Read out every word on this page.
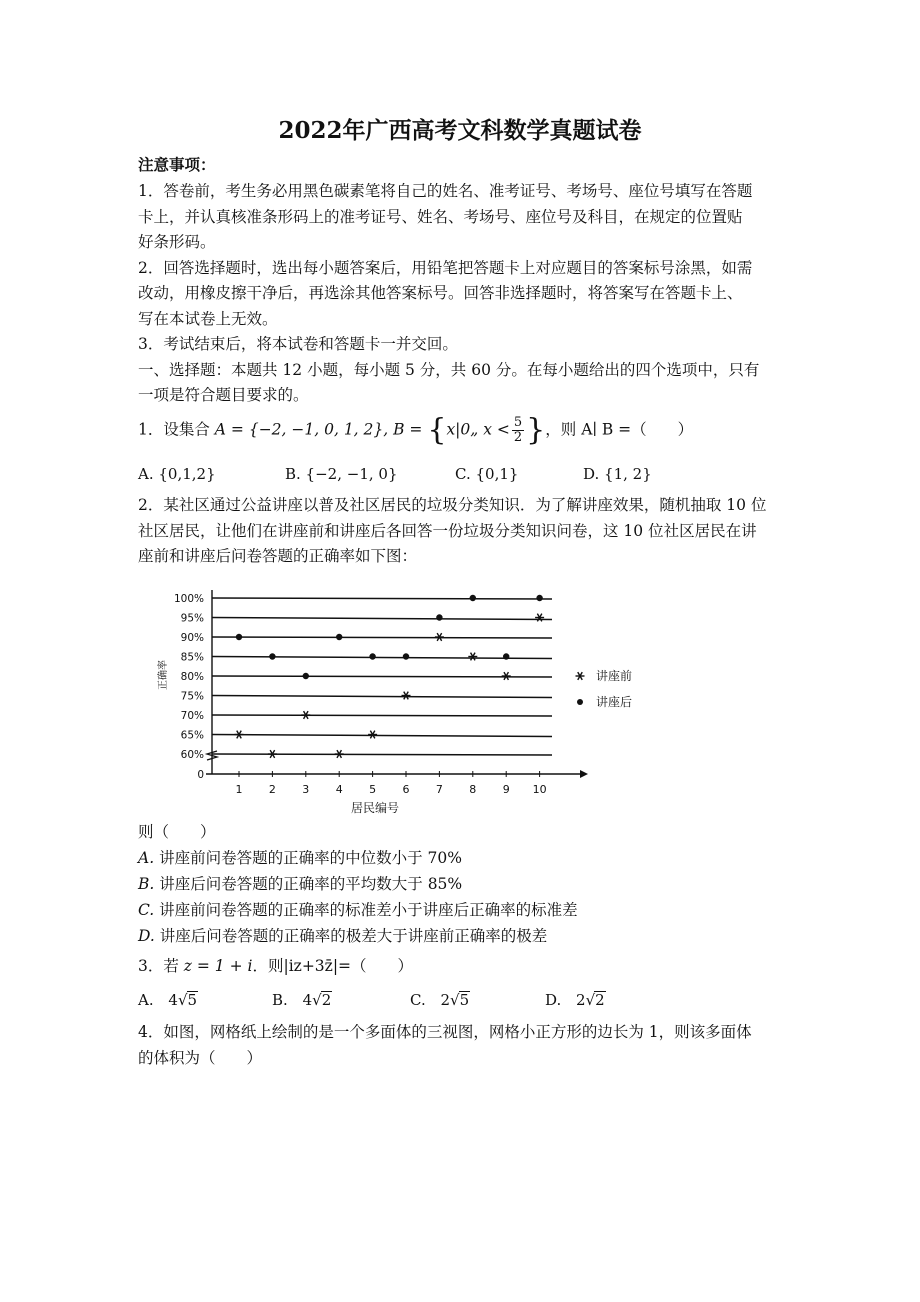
2022年广西高考文科数学真题试卷
注意事项：
1．答卷前，考生务必用黑色碳素笔将自己的姓名、准考证号、考场号、座位号填写在答题
卡上，并认真核准条形码上的准考证号、姓名、考场号、座位号及科目，在规定的位置贴
好条形码。
2．回答选择题时，选出每小题答案后，用铅笔把答题卡上对应题目的答案标号涂黑，如需
改动，用橡皮擦干净后，再选涂其他答案标号。回答非选择题时，将答案写在答题卡上、
写在本试卷上无效。
3．考试结束后，将本试卷和答题卡一并交回。
一、选择题：本题共 12 小题，每小题 5 分，共 60 分。在每小题给出的四个选项中，只有
一项是符合题目要求的。
1．设集合 A = {−2, −1, 0, 1, 2}, B = {x|0„ $x < \frac{5}{2}$ }，则 A∣ B =（　　）
A. {0,1,2}	B. {−2, −1, 0}	C. {0,1}	D. {1, 2}
2．某社区通过公益讲座以普及社区居民的垃圾分类知识．为了解讲座效果，随机抽取 10 位
社区居民，让他们在讲座前和讲座后各回答一份垃圾分类知识问卷，这 10 位社区居民在讲
座前和讲座后问卷答题的正确率如下图：
0
60%
65%
70%
75%
80%
85%
90%
95%
100%
1 2 3 4 5 6 7 8 9 10
居民编号
正确率	讲座前
讲座后
则（　　）
A. 讲座前问卷答题的正确率的中位数小于 70%
B. 讲座后问卷答题的正确率的平均数大于 85%
C. 讲座前问卷答题的正确率的标准差小于讲座后正确率的标准差
D. 讲座后问卷答题的正确率的极差大于讲座前正确率的极差
3．若 z = 1 + i．则|iz+3z̄|=（　　）
A. 4√5	B. 4√2	C. 2√5	D. 2√2
4．如图，网格纸上绘制的是一个多面体的三视图，网格小正方形的边长为 1，则该多面体
的体积为（　　）
